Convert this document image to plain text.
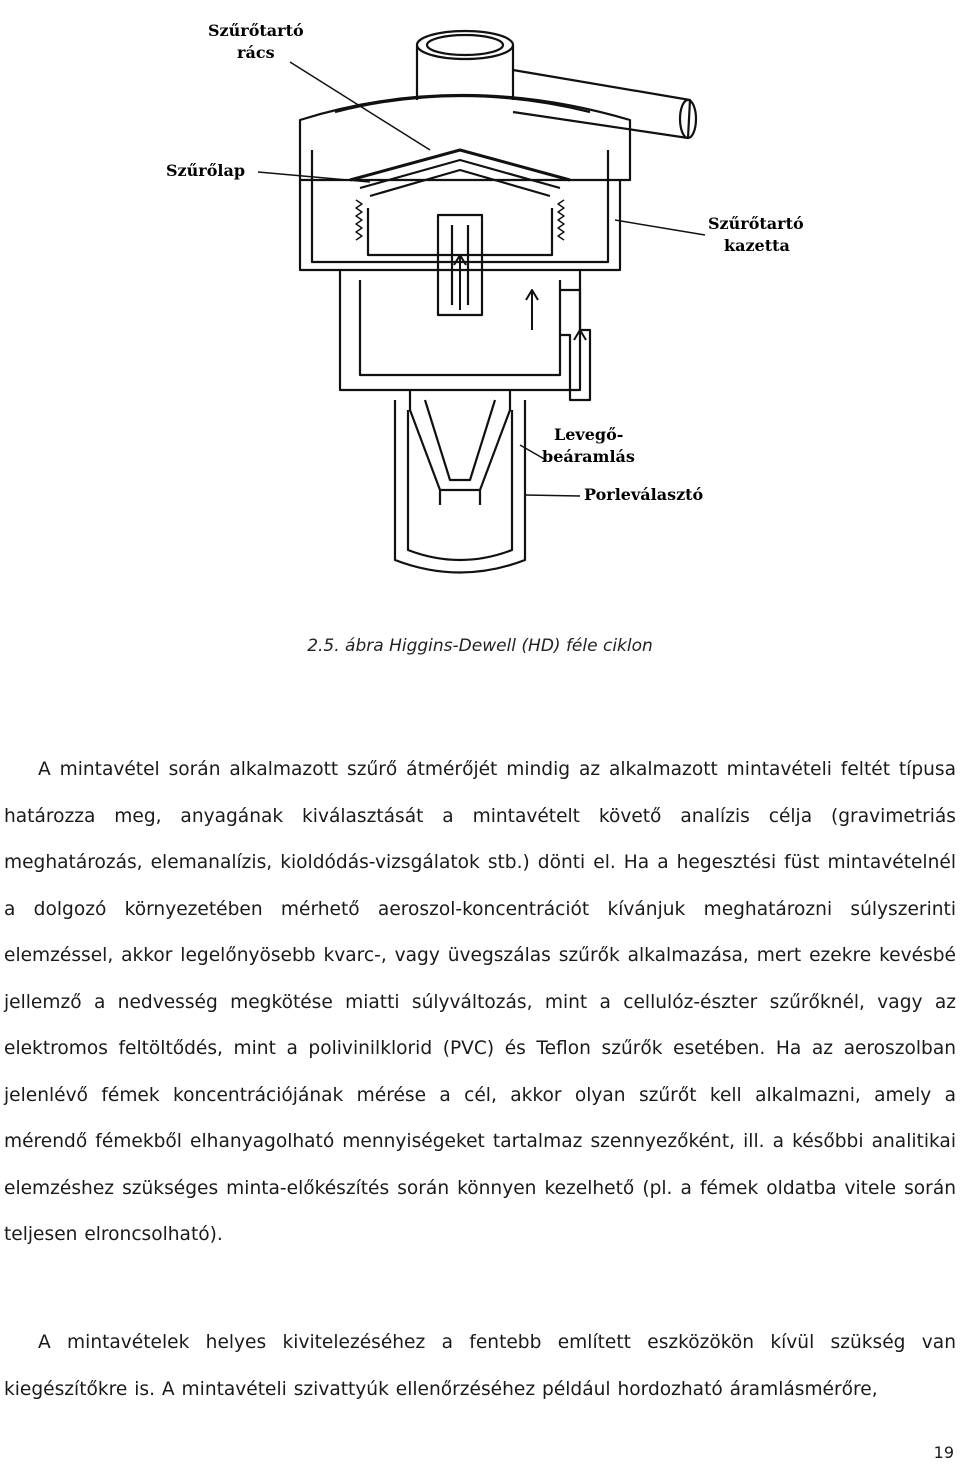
Szűrőtartó
rács
Szűrőlap
Szűrőtartó
kazetta
Levegő-
beáramlás
Porleválasztó
2.5. ábra Higgins-Dewell (HD) féle ciklon
A mintavétel során alkalmazott szűrő átmérőjét mindig az alkalmazott mintavételi feltét típusa határozza meg, anyagának kiválasztását a mintavételt követő analízis célja (gravimetriás meghatározás, elemanalízis, kioldódás-vizsgálatok stb.) dönti el. Ha a hegesztési füst mintavételnél a dolgozó környezetében mérhető aeroszol-koncentrációt kívánjuk meghatározni súlyszerinti elemzéssel, akkor legelőnyösebb kvarc-, vagy üvegszálas szűrők alkalmazása, mert ezekre kevésbé jellemző a nedvesség megkötése miatti súlyváltozás, mint a cellulóz-észter szűrőknél, vagy az elektromos feltöltődés, mint a polivinilklorid (PVC) és Teflon szűrők esetében. Ha az aeroszolban jelenlévő fémek koncentrációjának mérése a cél, akkor olyan szűrőt kell alkalmazni, amely a mérendő fémekből elhanyagolható mennyiségeket tartalmaz szennyezőként, ill. a későbbi analitikai elemzéshez szükséges minta-előkészítés során könnyen kezelhető (pl. a fémek oldatba vitele során teljesen elroncsolható).
A mintavételek helyes kivitelezéséhez a fentebb említett eszközökön kívül szükség van kiegészítőkre is. A mintavételi szivattyúk ellenőrzéséhez például hordozható áramlásmérőre,
19
